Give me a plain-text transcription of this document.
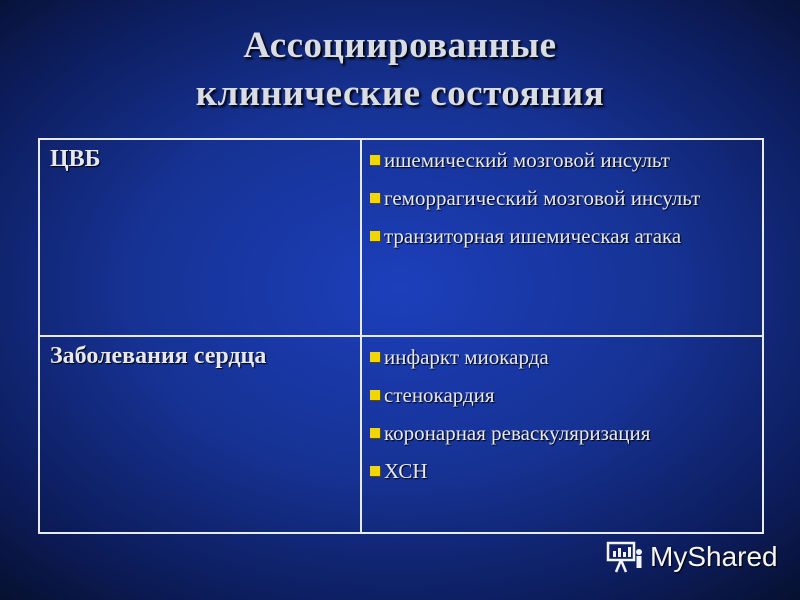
Ассоциированные
клинические состояния
ЦВБ	ишемический мозговой инсульт
геморрагический мозговой инсульт
транзиторная ишемическая атака

Заболевания сердца	инфаркт миокарда
стенокардия
коронарная реваскуляризация
ХСН
MyShared
